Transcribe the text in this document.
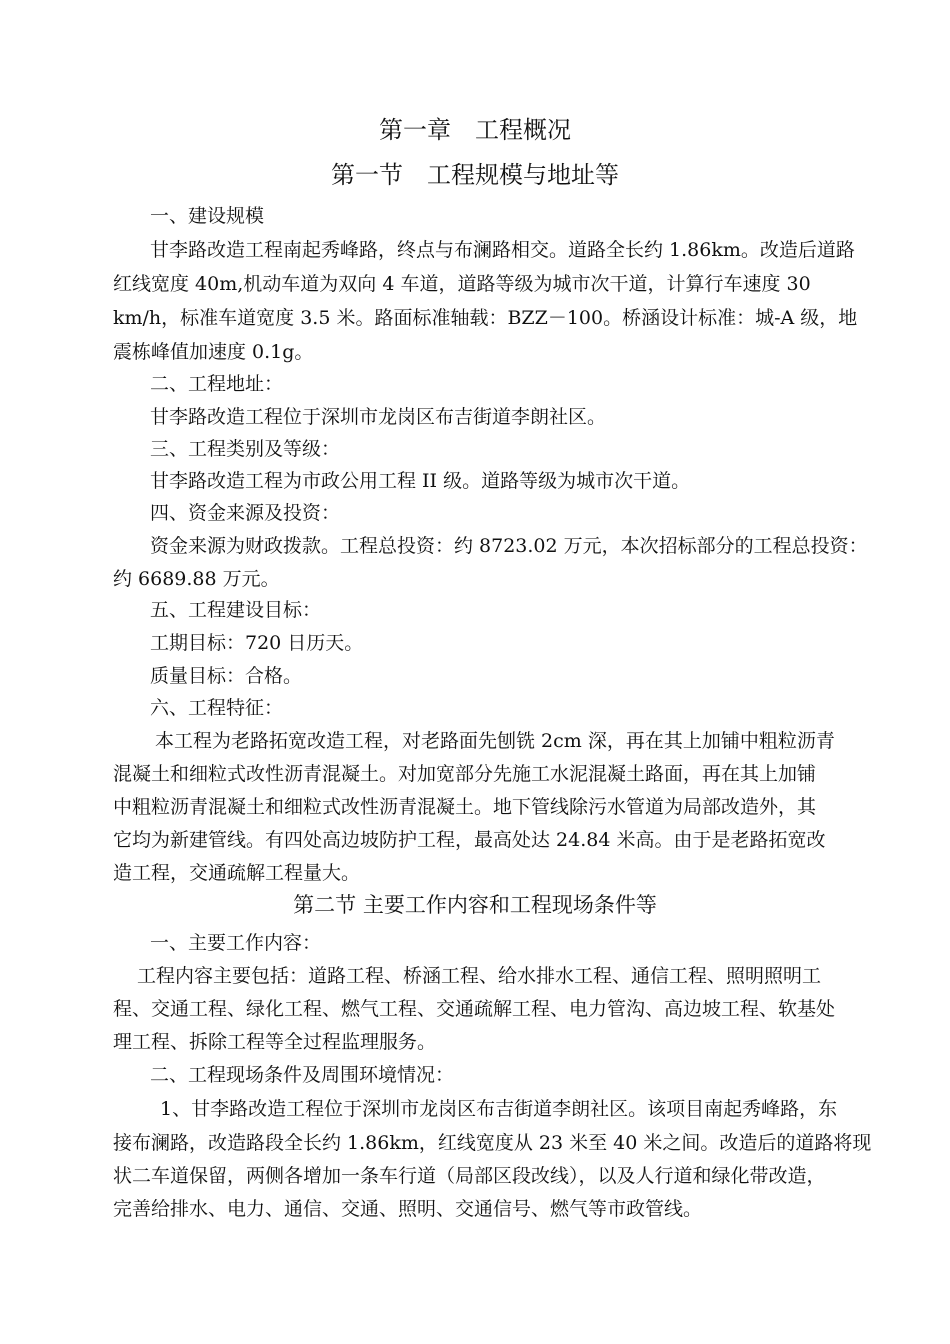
第一章　工程概况
第一节　工程规模与地址等
一、建设规模
甘李路改造工程南起秀峰路，终点与布澜路相交。道路全长约 1.86km。改造后道路
红线宽度 40m,机动车道为双向 4 车道，道路等级为城市次干道，计算行车速度 30
km/h，标准车道宽度 3.5 米。路面标准轴载：BZZ－100。桥涵设计标准：城-A 级，地
震栋峰值加速度 0.1g。
二、工程地址：
甘李路改造工程位于深圳市龙岗区布吉街道李朗社区。
三、工程类别及等级：
甘李路改造工程为市政公用工程 II 级。道路等级为城市次干道。
四、资金来源及投资：
资金来源为财政拨款。工程总投资：约 8723.02 万元，本次招标部分的工程总投资：
约 6689.88 万元。
五、工程建设目标：
工期目标：720 日历天。
质量目标：合格。
六、工程特征：
本工程为老路拓宽改造工程，对老路面先刨铣 2cm 深，再在其上加铺中粗粒沥青
混凝土和细粒式改性沥青混凝土。对加宽部分先施工水泥混凝土路面，再在其上加铺
中粗粒沥青混凝土和细粒式改性沥青混凝土。地下管线除污水管道为局部改造外，其
它均为新建管线。有四处高边坡防护工程，最高处达 24.84 米高。由于是老路拓宽改
造工程，交通疏解工程量大。
第二节 主要工作内容和工程现场条件等
一、主要工作内容：
工程内容主要包括：道路工程、桥涵工程、给水排水工程、通信工程、照明照明工
程、交通工程、绿化工程、燃气工程、交通疏解工程、电力管沟、高边坡工程、软基处
理工程、拆除工程等全过程监理服务。
二、工程现场条件及周围环境情况：
1、甘李路改造工程位于深圳市龙岗区布吉街道李朗社区。该项目南起秀峰路，东
接布澜路，改造路段全长约 1.86km，红线宽度从 23 米至 40 米之间。改造后的道路将现
状二车道保留，两侧各增加一条车行道（局部区段改线），以及人行道和绿化带改造，
完善给排水、电力、通信、交通、照明、交通信号、燃气等市政管线。
